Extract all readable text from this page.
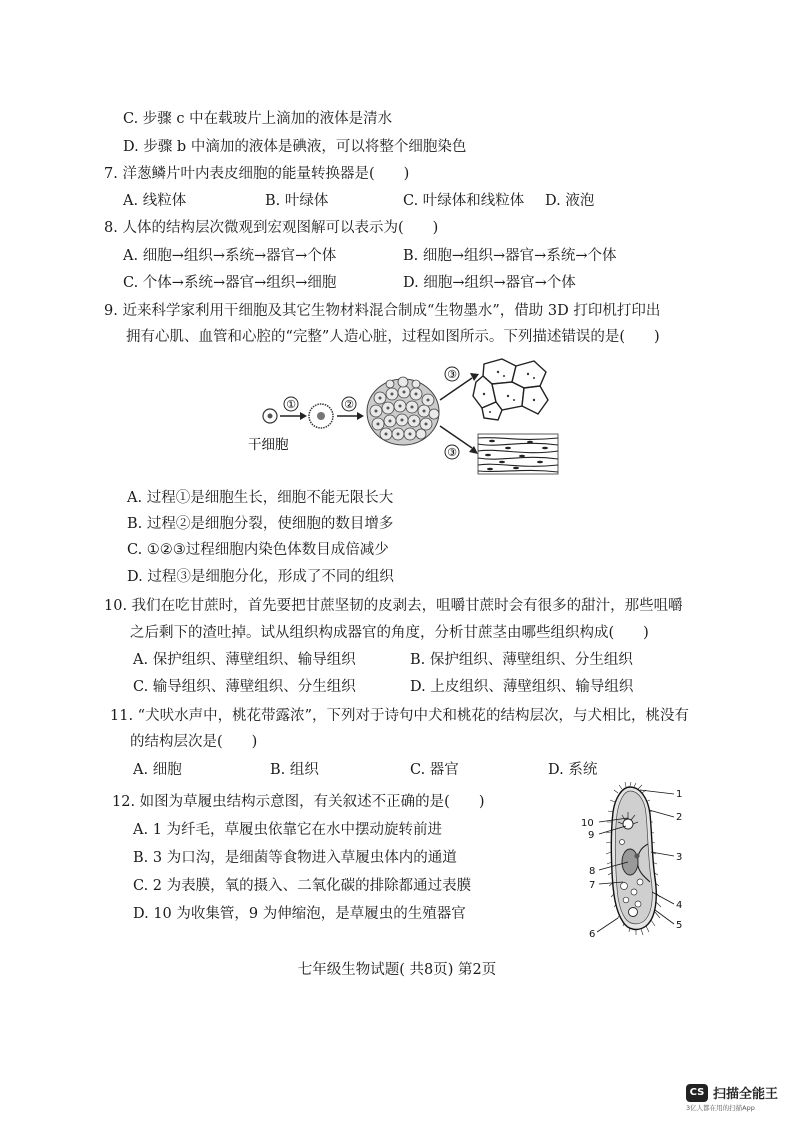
C. 步骤 c 中在载玻片上滴加的液体是清水
D. 步骤 b 中滴加的液体是碘液，可以将整个细胞染色
7. 洋葱鳞片叶内表皮细胞的能量转换器是(　　)
A. 线粒体	B. 叶绿体	C. 叶绿体和线粒体 D. 液泡
8. 人体的结构层次微观到宏观图解可以表示为(　　)
A. 细胞→组织→系统→器官→个体	B. 细胞→组织→器官→系统→个体
C. 个体→系统→器官→组织→细胞	D. 细胞→组织→器官→个体
9. 近来科学家利用干细胞及其它生物材料混合制成“生物墨水”，借助 3D 打印机打印出
拥有心肌、血管和心腔的“完整”人造心脏，过程如图所示。下列描述错误的是(　　)
①	②
③
③
干细胞
A. 过程①是细胞生长，细胞不能无限长大
B. 过程②是细胞分裂，使细胞的数目增多
C. ①②③过程细胞内染色体数目成倍减少
D. 过程③是细胞分化，形成了不同的组织
10. 我们在吃甘蔗时，首先要把甘蔗坚韧的皮剥去，咀嚼甘蔗时会有很多的甜汁，那些咀嚼
之后剩下的渣吐掉。试从组织构成器官的角度，分析甘蔗茎由哪些组织构成(　　)
A. 保护组织、薄壁组织、输导组织	B. 保护组织、薄壁组织、分生组织
C. 输导组织、薄壁组织、分生组织	D. 上皮组织、薄壁组织、输导组织
11. “犬吠水声中，桃花带露浓”，下列对于诗句中犬和桃花的结构层次，与犬相比，桃没有
的结构层次是(　　)
A. 细胞	B. 组织	C. 器官	D. 系统
12. 如图为草履虫结构示意图，有关叙述不正确的是(　　)
A. 1 为纤毛，草履虫依靠它在水中摆动旋转前进
B. 3 为口沟，是细菌等食物进入草履虫体内的通道
C. 2 为表膜，氧的摄入、二氧化碳的排除都通过表膜
D. 10 为收集管，9 为伸缩泡，是草履虫的生殖器官
1
2
3
4
5
6
7
8
9
10
七年级生物试题( 共8页) 第2页
CS 扫描全能王
3亿人都在用的扫描App
